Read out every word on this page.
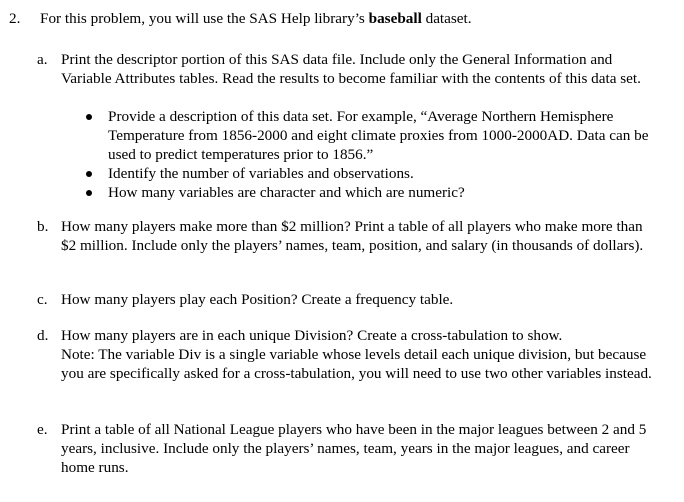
2. For this problem, you will use the SAS Help library’s baseball dataset.
a. Print the descriptor portion of this SAS data file. Include only the General Information and Variable Attributes tables. Read the results to become familiar with the contents of this data set.
Provide a description of this data set. For example, “Average Northern Hemisphere Temperature from 1856-2000 and eight climate proxies from 1000-2000AD. Data can be used to predict temperatures prior to 1856.”
Identify the number of variables and observations.
How many variables are character and which are numeric?
b. How many players make more than $2 million? Print a table of all players who make more than $2 million. Include only the players’ names, team, position, and salary (in thousands of dollars).
c. How many players play each Position? Create a frequency table.
d. How many players are in each unique Division? Create a cross-tabulation to show.
Note: The variable Div is a single variable whose levels detail each unique division, but because you are specifically asked for a cross-tabulation, you will need to use two other variables instead.
e. Print a table of all National League players who have been in the major leagues between 2 and 5 years, inclusive. Include only the players’ names, team, years in the major leagues, and career home runs.
